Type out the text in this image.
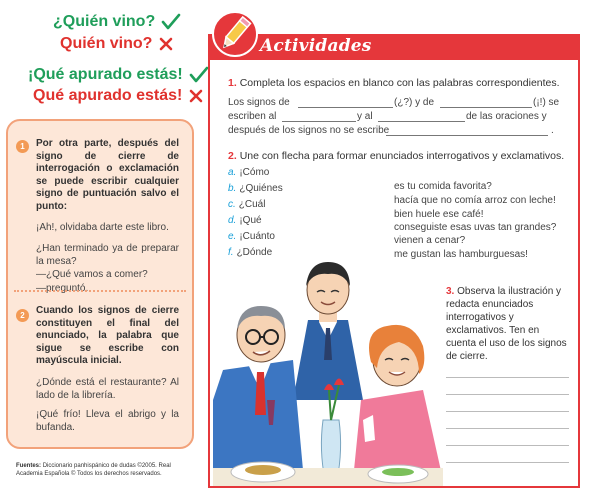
¿Quién vino?
Quién vino?
¡Qué apurado estás!
Qué apurado estás!
1	Por otra parte, después del signo de cierre de interrogación o exclamación se puede escribir cualquier signo de puntuación salvo el punto:
¡Ah!, olvidaba darte este libro.
¿Han terminado ya de preparar la mesa?
—¿Qué vamos a comer?
—preguntó.
2	Cuando los signos de cierre constituyen el final del enunciado, la palabra que sigue se escribe con mayúscula inicial.
¿Dónde está el restaurante? Al lado de la librería.
¡Qué frío! Lleva el abrigo y la bufanda.
Fuentes: Diccionario panhispánico de dudas ©2005. Real Academia Española © Todos los derechos reservados.
Actividades
1. Completa los espacios en blanco con las palabras correspondientes.
Los signos de	(¿?) y de	(¡!) se
escriben al	y al	de las oraciones y
después de los signos no se escribe	.
2. Une con flecha para formar enunciados interrogativos y exclamativos.
a. ¡Cómo
b. ¿Quiénes
c. ¿Cuál
d. ¡Qué
e. ¡Cuánto
f. ¿Dónde
es tu comida favorita?
hacía que no comía arroz con leche!
bien huele ese café!
conseguiste esas uvas tan grandes?
vienen a cenar?
me gustan las hamburguesas!
3. Observa la ilustración y redacta enunciados interrogativos y exclamativos. Ten en cuenta el uso de los signos de cierre.
